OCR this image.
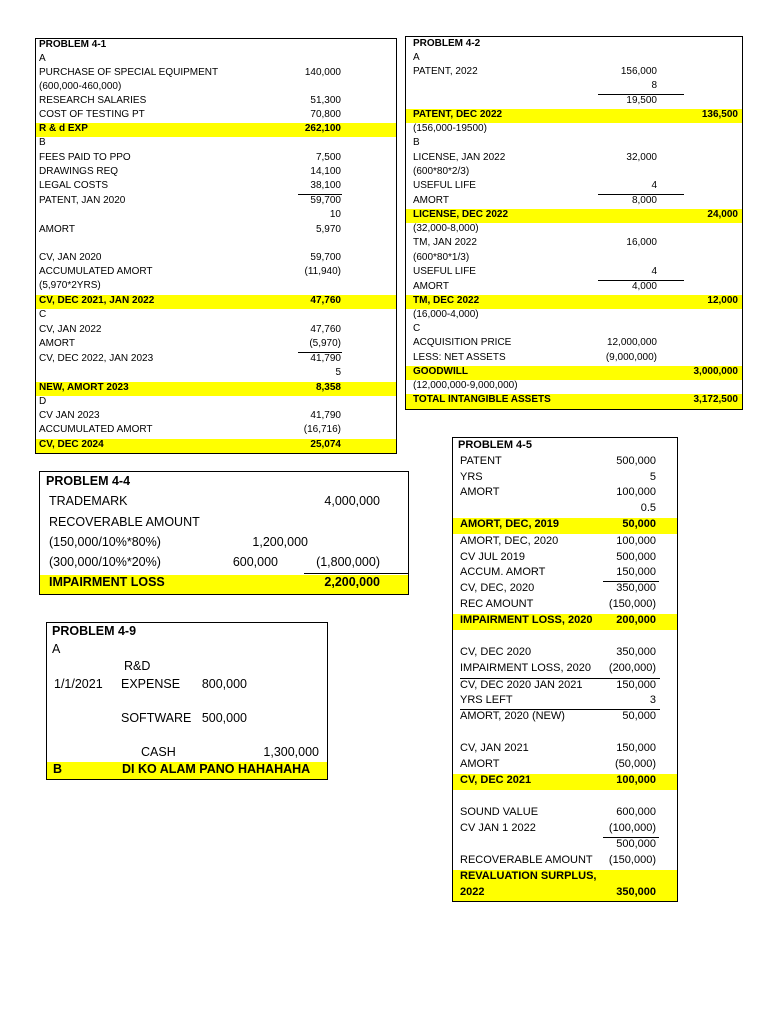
PROBLEM 4-1
A
PURCHASE OF SPECIAL EQUIPMENT	140,000
(600,000-460,000)
RESEARCH SALARIES	51,300
COST OF TESTING PT	70,800
R & d EXP	262,100
B
FEES PAID TO PPO	7,500
DRAWINGS REQ	14,100
LEGAL COSTS	38,100
PATENT, JAN 2020	59,700
10
AMORT	5,970
CV, JAN 2020	59,700
ACCUMULATED AMORT	(11,940)
(5,970*2YRS)
CV, DEC 2021, JAN 2022	47,760
C
CV, JAN 2022	47,760
AMORT	(5,970)
CV, DEC 2022, JAN 2023	41,790
5
NEW, AMORT 2023	8,358
D
CV JAN 2023	41,790
ACCUMULATED AMORT	(16,716)
CV, DEC 2024	25,074
PROBLEM 4-2
A
PATENT, 2022	156,000
8
19,500
PATENT, DEC 2022	136,500
(156,000-19500)
B
LICENSE, JAN 2022	32,000
(600*80*2/3)
USEFUL LIFE	4
AMORT	8,000
LICENSE, DEC 2022	24,000
(32,000-8,000)
TM, JAN 2022	16,000
(600*80*1/3)
USEFUL LIFE	4
AMORT	4,000
TM, DEC 2022	12,000
(16,000-4,000)
C
ACQUISITION PRICE	12,000,000
LESS: NET ASSETS	(9,000,000)
GOODWILL	3,000,000
(12,000,000-9,000,000)
TOTAL INTANGIBLE ASSETS	3,172,500
PROBLEM 4-4
TRADEMARK	4,000,000
RECOVERABLE AMOUNT
(150,000/10%*80%)	1,200,000
(300,000/10%*20%)	600,000	(1,800,000)
IMPAIRMENT LOSS	2,200,000
PROBLEM 4-9
A
R&D
1/1/2021 EXPENSE 800,000
SOFTWARE 500,000
CASH	1,300,000
B	DI KO ALAM PANO HAHAHAHA
PROBLEM 4-5
PATENT	500,000
YRS	5
AMORT	100,000
0.5
AMORT, DEC, 2019	50,000
AMORT, DEC, 2020	100,000
CV JUL 2019	500,000
ACCUM. AMORT	150,000
CV, DEC, 2020	350,000
REC AMOUNT	(150,000)
IMPAIRMENT LOSS, 2020 200,000
CV, DEC 2020	350,000
IMPAIRMENT LOSS, 2020 (200,000)
CV, DEC 2020 JAN 2021	150,000
YRS LEFT	3
AMORT, 2020 (NEW)	50,000
CV, JAN 2021	150,000
AMORT	(50,000)
CV, DEC 2021	100,000
SOUND VALUE	600,000
CV JAN 1 2022	(100,000)
500,000
RECOVERABLE AMOUNT (150,000)
REVALUATION SURPLUS,
2022	350,000
